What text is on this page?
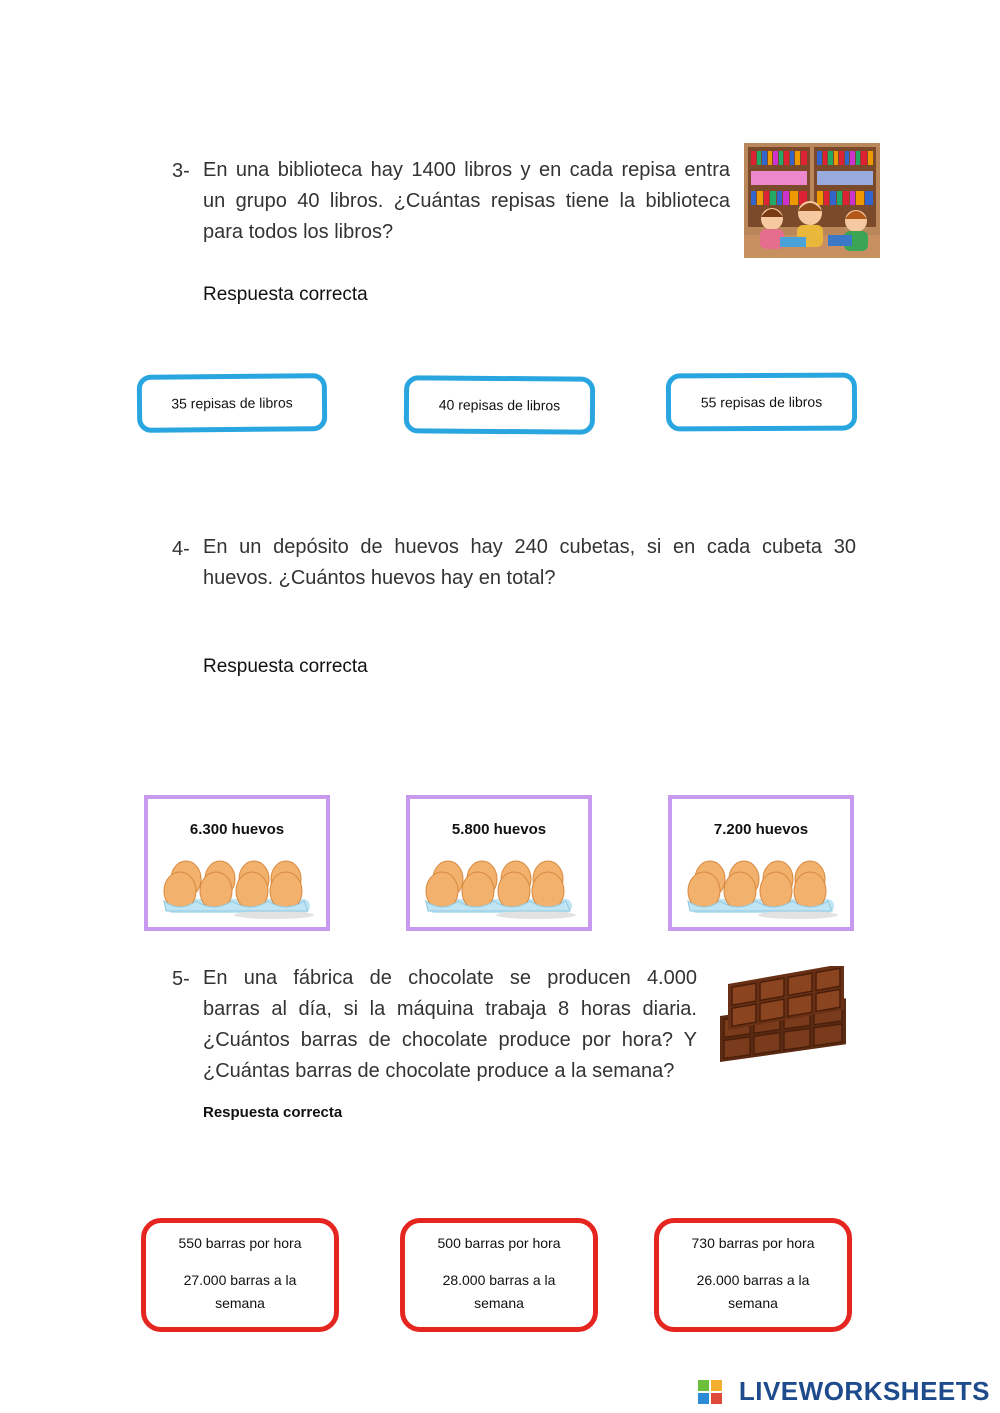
3- En una biblioteca hay 1400 libros y en cada repisa entra
un grupo 40 libros. ¿Cuántas repisas tiene la biblioteca
para todos los libros?
Respuesta correcta
35 repisas de libros	40 repisas de libros	55 repisas de libros
4- En un depósito de huevos hay 240 cubetas, si en cada cubeta 30
huevos. ¿Cuántos huevos hay en total?
Respuesta correcta
6.300 huevos	5.800 huevos	7.200 huevos
5- En una fábrica de chocolate se producen 4.000
barras al día, si la máquina trabaja 8 horas diaria.
¿Cuántos barras de chocolate produce por hora? Y
¿Cuántas barras de chocolate produce a la semana?
Respuesta correcta
550 barras por hora
27.000 barras a la semana
500 barras por hora
28.000 barras a la semana
730 barras por hora
26.000 barras a la semana
LIVEWORKSHEETS
